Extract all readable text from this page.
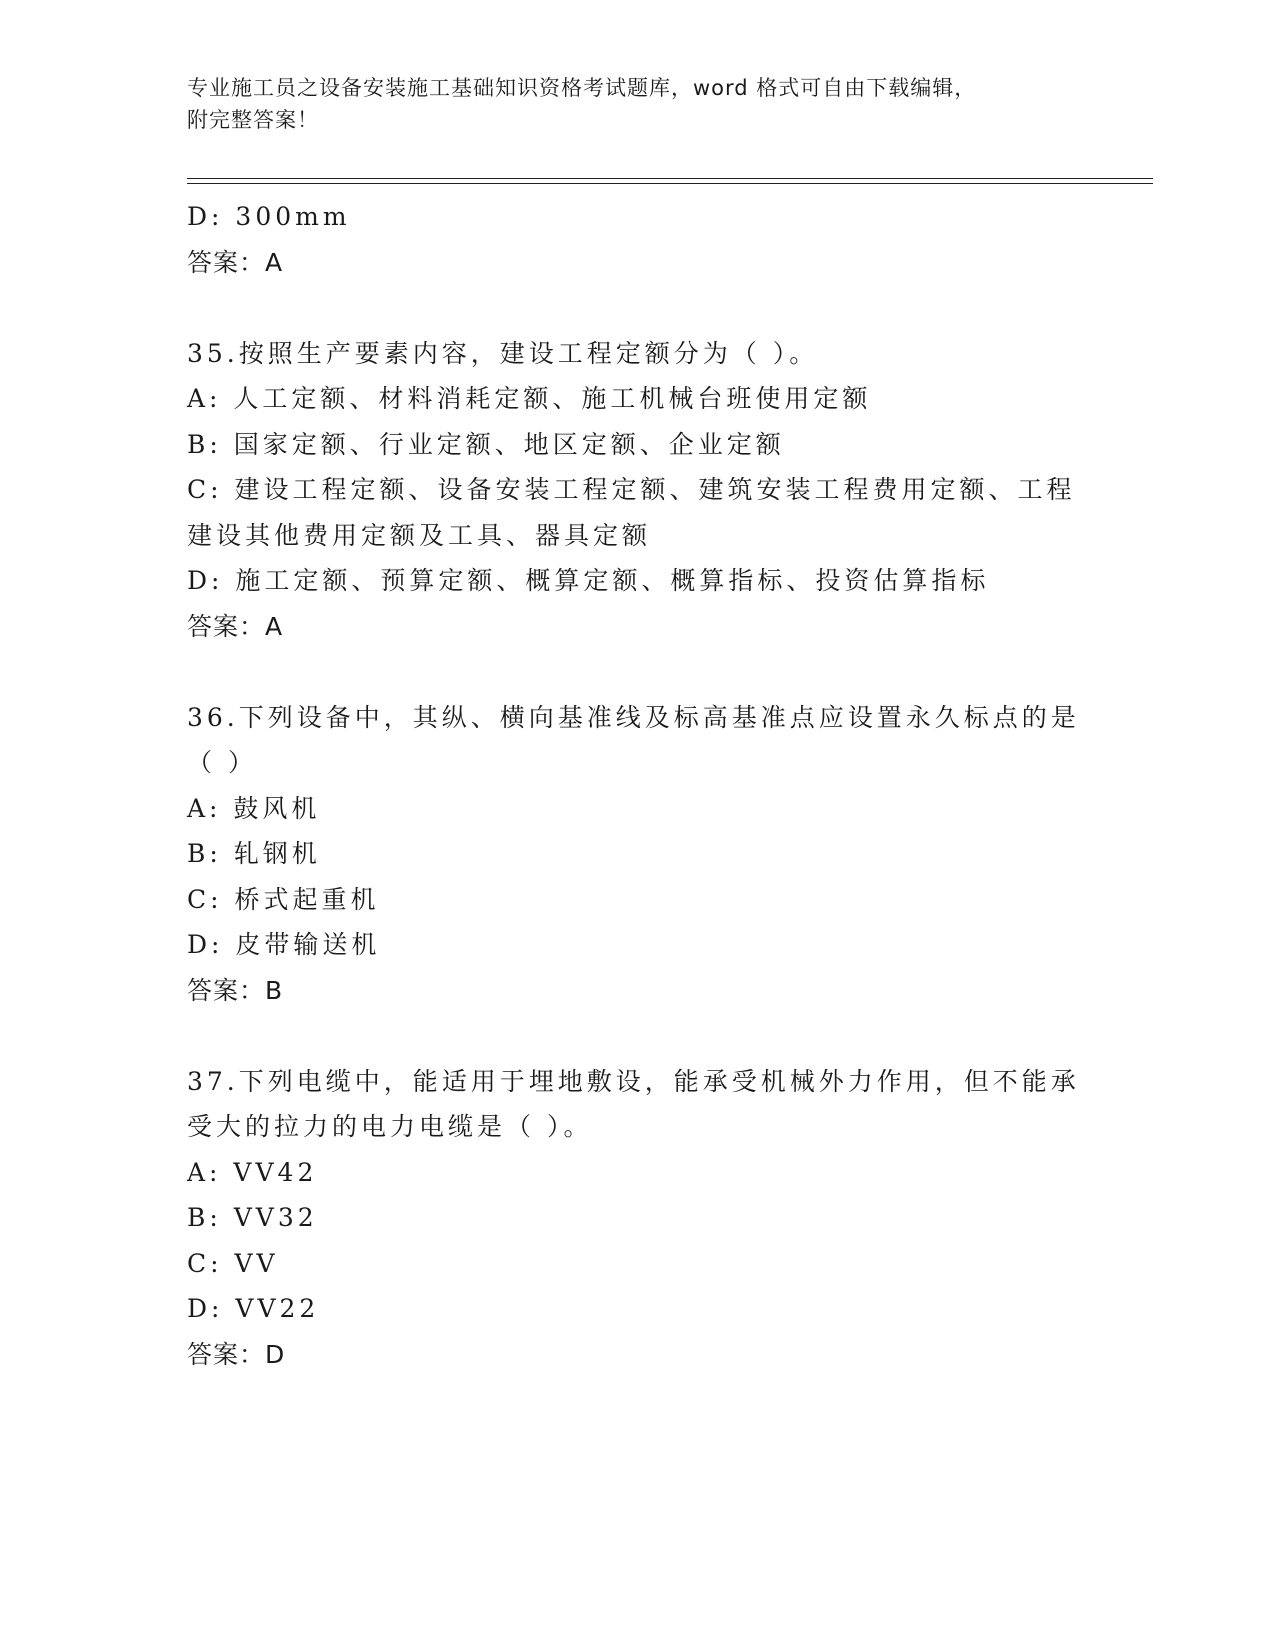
专业施工员之设备安装施工基础知识资格考试题库，word 格式可自由下载编辑，
附完整答案！
D: 300mm
答案：A
35.按照生产要素内容，建设工程定额分为（ ）。
A: 人工定额、材料消耗定额、施工机械台班使用定额
B: 国家定额、行业定额、地区定额、企业定额
C: 建设工程定额、设备安装工程定额、建筑安装工程费用定额、工程
建设其他费用定额及工具、器具定额
D: 施工定额、预算定额、概算定额、概算指标、投资估算指标
答案：A
36.下列设备中，其纵、横向基准线及标高基准点应设置永久标点的是
（ ）
A: 鼓风机
B: 轧钢机
C: 桥式起重机
D: 皮带输送机
答案：B
37.下列电缆中，能适用于埋地敷设，能承受机械外力作用，但不能承
受大的拉力的电力电缆是（ ）。
A: VV42
B: VV32
C: VV
D: VV22
答案：D
